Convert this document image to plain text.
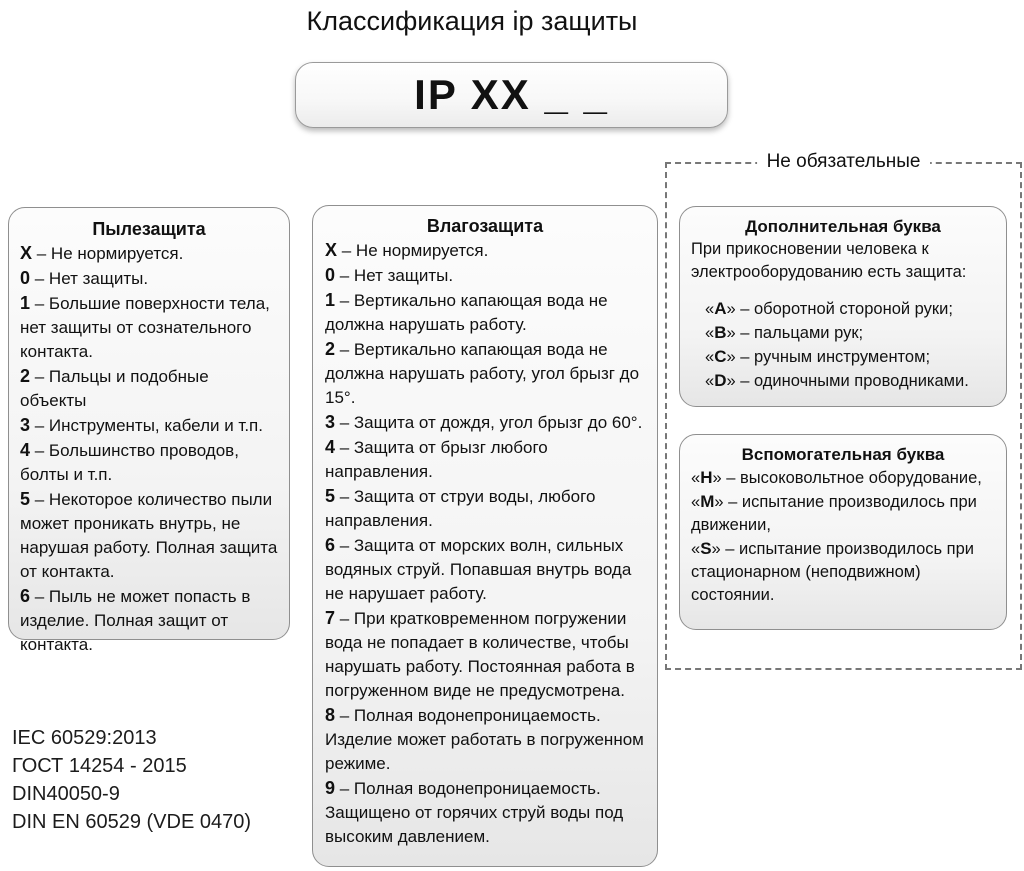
Классификация ip защиты
IP XX _ _
Пылезащита
X – Не нормируется.
0 – Нет защиты.
1 – Большие поверхности тела, нет защиты от сознательного контакта.
2 – Пальцы и подобные объекты
3 – Инструменты, кабели и т.п.
4 – Большинство проводов, болты и т.п.
5 – Некоторое количество пыли может проникать внутрь, не нарушая работу. Полная защита от контакта.
6 – Пыль не может попасть в изделие. Полная защит от контакта.
Влагозащита
X – Не нормируется.
0 – Нет защиты.
1 – Вертикально капающая вода не должна нарушать работу.
2 – Вертикально капающая вода не должна нарушать работу, угол брызг до 15°.
3 – Защита от дождя, угол брызг до 60°.
4 – Защита от брызг любого направления.
5 – Защита от струи воды, любого направления.
6 – Защита от морских волн, сильных водяных струй. Попавшая внутрь вода не нарушает работу.
7 – При кратковременном погружении вода не попадает в количестве, чтобы нарушать работу. Постоянная работа в погруженном виде не предусмотрена.
8 – Полная водонепроницаемость. Изделие может работать в погруженном режиме.
9 – Полная водонепроницаемость. Защищено от горячих струй воды под высоким давлением.
Не обязательные
Дополнительная буква
При прикосновении человека к электрооборудованию есть защита:
«A» – оборотной стороной руки;
«B» – пальцами рук;
«C» – ручным инструментом;
«D» – одиночными проводниками.
Вспомогательная буква
«H» – высоковольтное оборудование,
«M» – испытание производилось при движении,
«S» – испытание производилось при стационарном (неподвижном) состоянии.
IEC 60529:2013
ГОСТ 14254 - 2015
DIN40050-9
DIN EN 60529 (VDE 0470)
